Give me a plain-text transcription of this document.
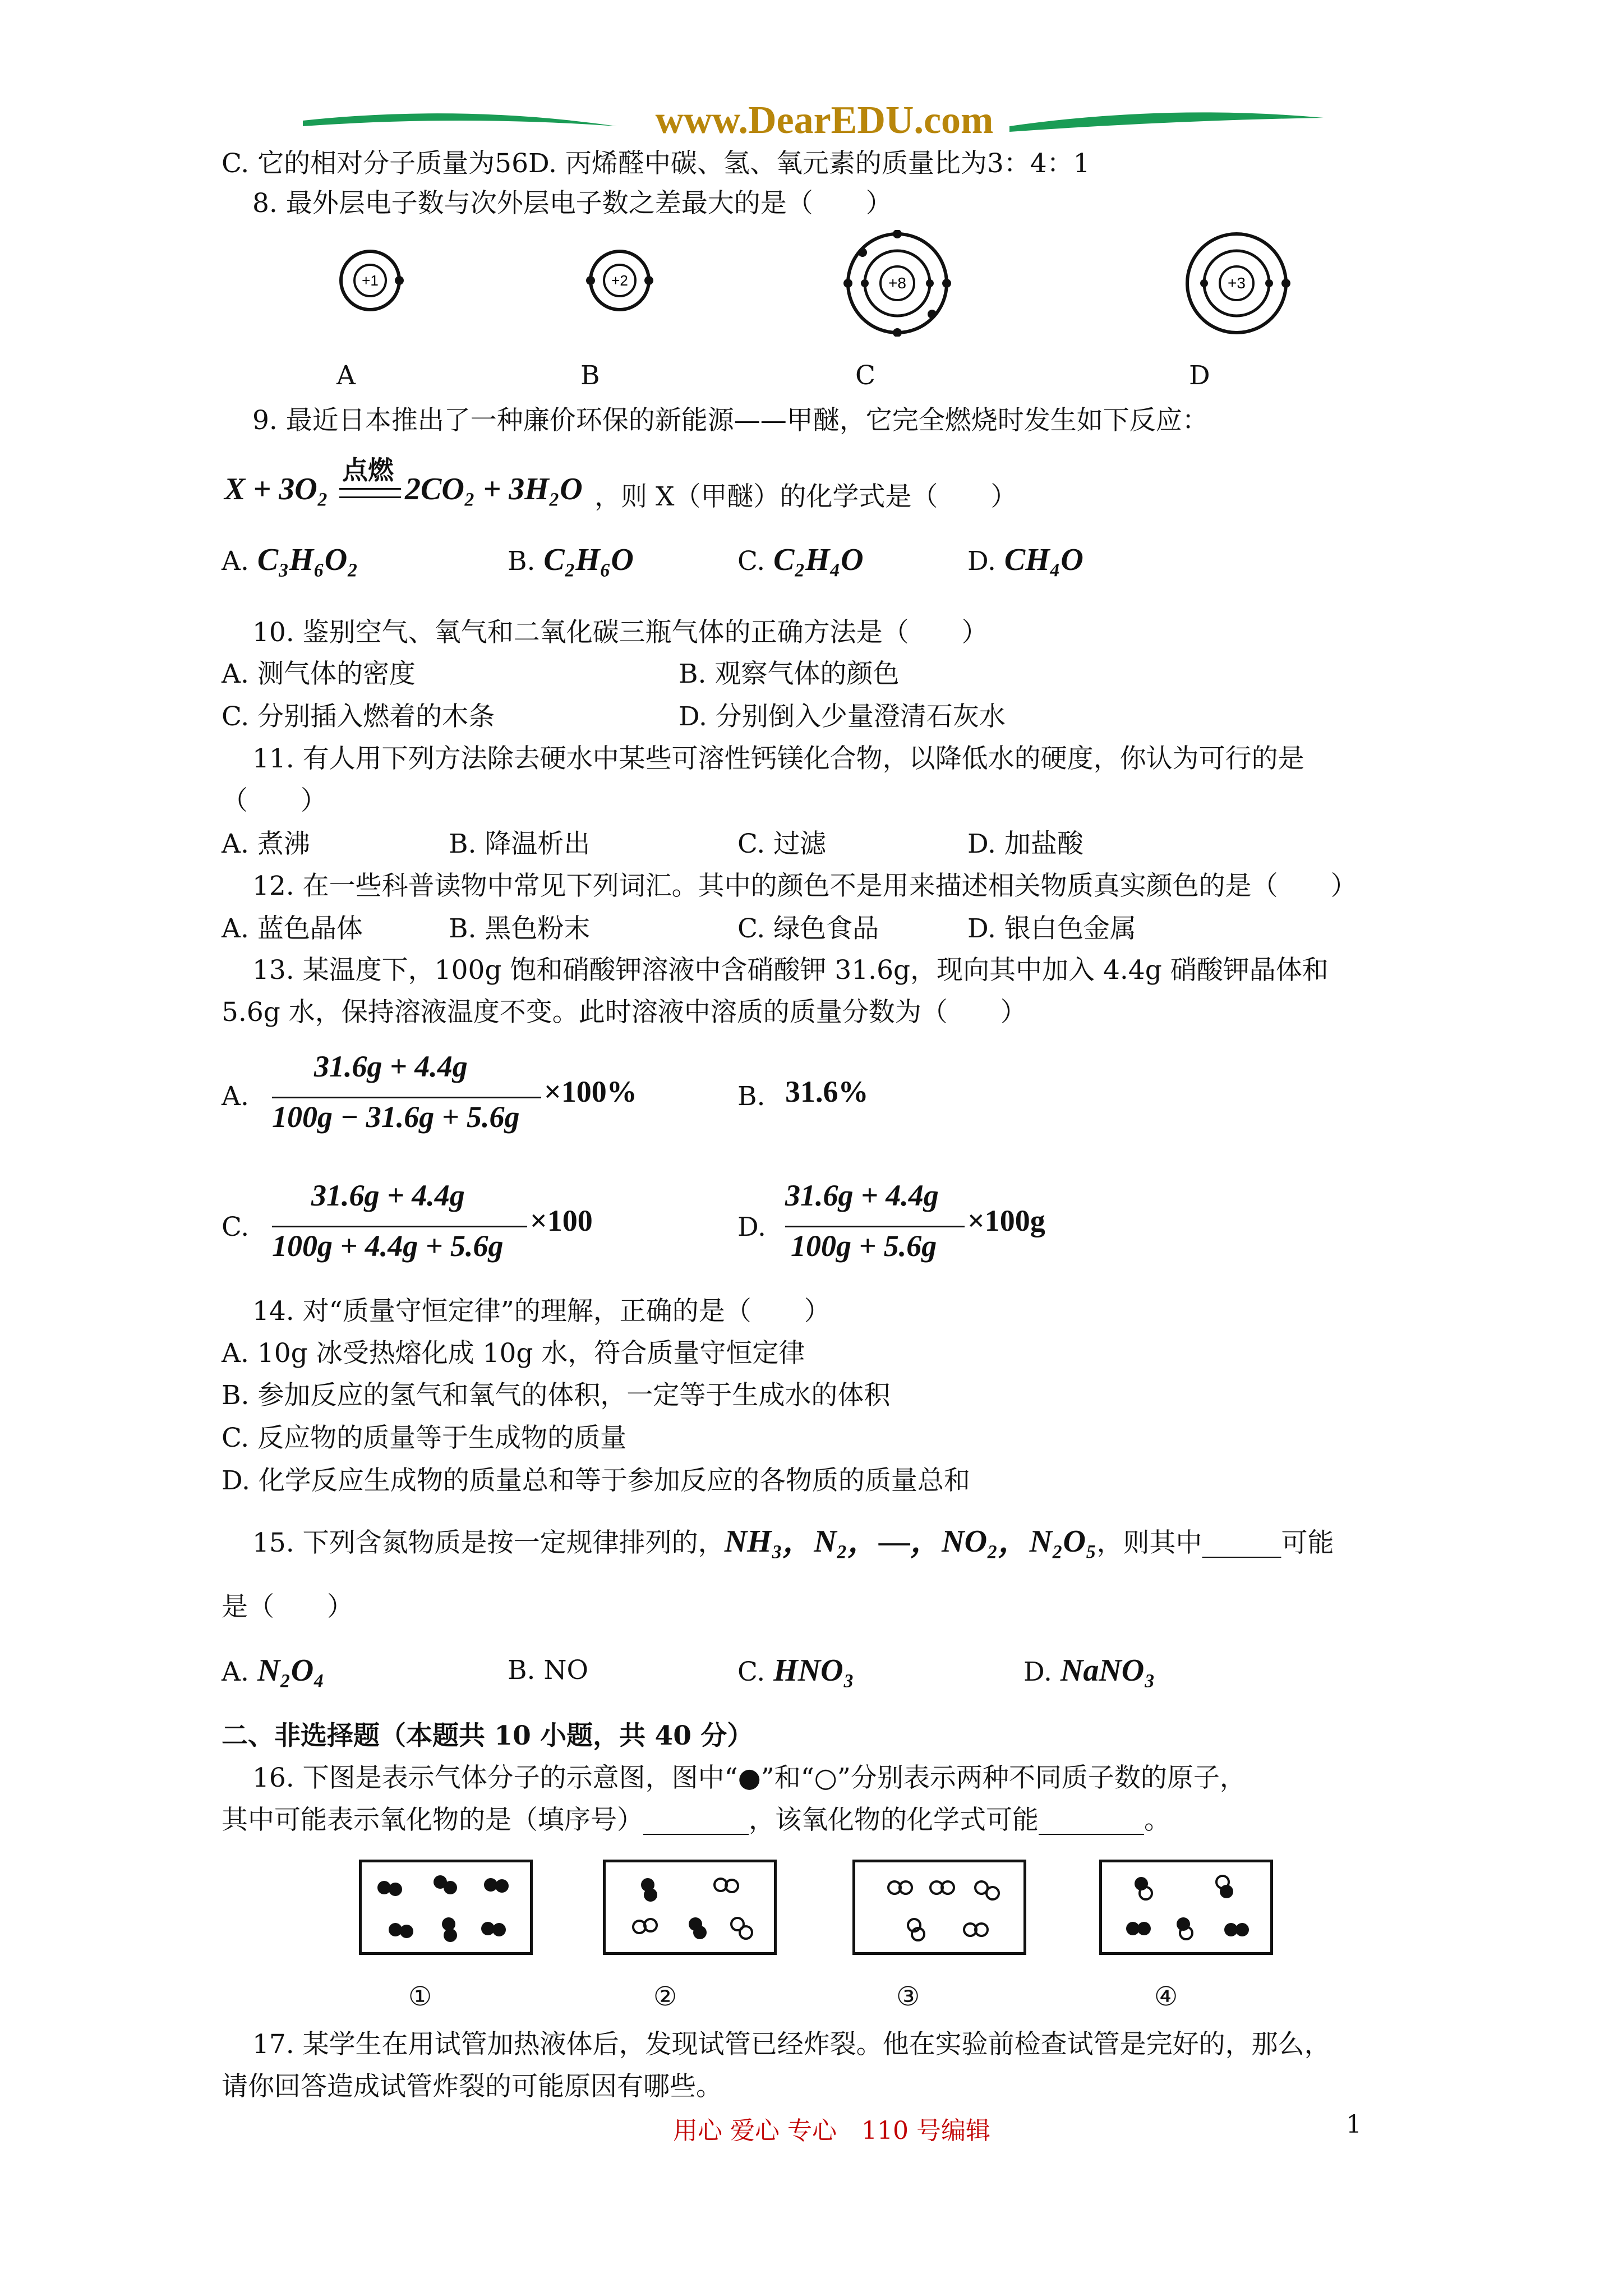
www.DearEDU.com
C. 它的相对分子质量为56D. 丙烯醛中碳、氢、氧元素的质量比为3：4：1
8. 最外层电子数与次外层电子数之差最大的是（　　）
+1	+2	+8	+3
A	B	C	D
9. 最近日本推出了一种廉价环保的新能源——甲醚，它完全燃烧时发生如下反应：
X + 3O₂
点燃
2CO₂ + 3H₂O ，则 X（甲醚）的化学式是（　　）
A. C₃H₆O₂	B. C₂H₆O	C. C₂H₄O	D. CH₄O
10. 鉴别空气、氧气和二氧化碳三瓶气体的正确方法是（　　）
A. 测气体的密度	B. 观察气体的颜色
C. 分别插入燃着的木条	D. 分别倒入少量澄清石灰水
11. 有人用下列方法除去硬水中某些可溶性钙镁化合物，以降低水的硬度，你认为可行的是
（　　）
A. 煮沸	B. 降温析出	C. 过滤	D. 加盐酸
12. 在一些科普读物中常见下列词汇。其中的颜色不是用来描述相关物质真实颜色的是（　　）
A. 蓝色晶体	B. 黑色粉末	C. 绿色食品	D. 银白色金属
13. 某温度下，100g 饱和硝酸钾溶液中含硝酸钾 31.6g，现向其中加入 4.4g 硝酸钾晶体和
5.6g 水，保持溶液温度不变。此时溶液中溶质的质量分数为（　　）
A.
31.6g + 4.4g
100g − 31.6g + 5.6g
×100%	B. 31.6%
C.
31.6g + 4.4g
100g + 4.4g + 5.6g
×100	D.
31.6g + 4.4g
100g + 5.6g
×100g
14. 对“质量守恒定律”的理解，正确的是（　　）
A. 10g 冰受热熔化成 10g 水，符合质量守恒定律
B. 参加反应的氢气和氧气的体积，一定等于生成水的体积
C. 反应物的质量等于生成物的质量
D. 化学反应生成物的质量总和等于参加反应的各物质的质量总和
15. 下列含氮物质是按一定规律排列的，NH₃，N₂，—，NO₂，N₂O₅，则其中______可能
是（　　）
A. N₂O₄	B. NO	C. HNO₃	D. NaNO₃
二、非选择题（本题共 10 小题，共 40 分）
16. 下图是表示气体分子的示意图，图中“●”和“○”分别表示两种不同质子数的原子，
其中可能表示氧化物的是（填序号）________，该氧化物的化学式可能________。
①	②	③	④
17. 某学生在用试管加热液体后，发现试管已经炸裂。他在实验前检查试管是完好的，那么，
请你回答造成试管炸裂的可能原因有哪些。
用心 爱心 专心　110 号编辑	1
